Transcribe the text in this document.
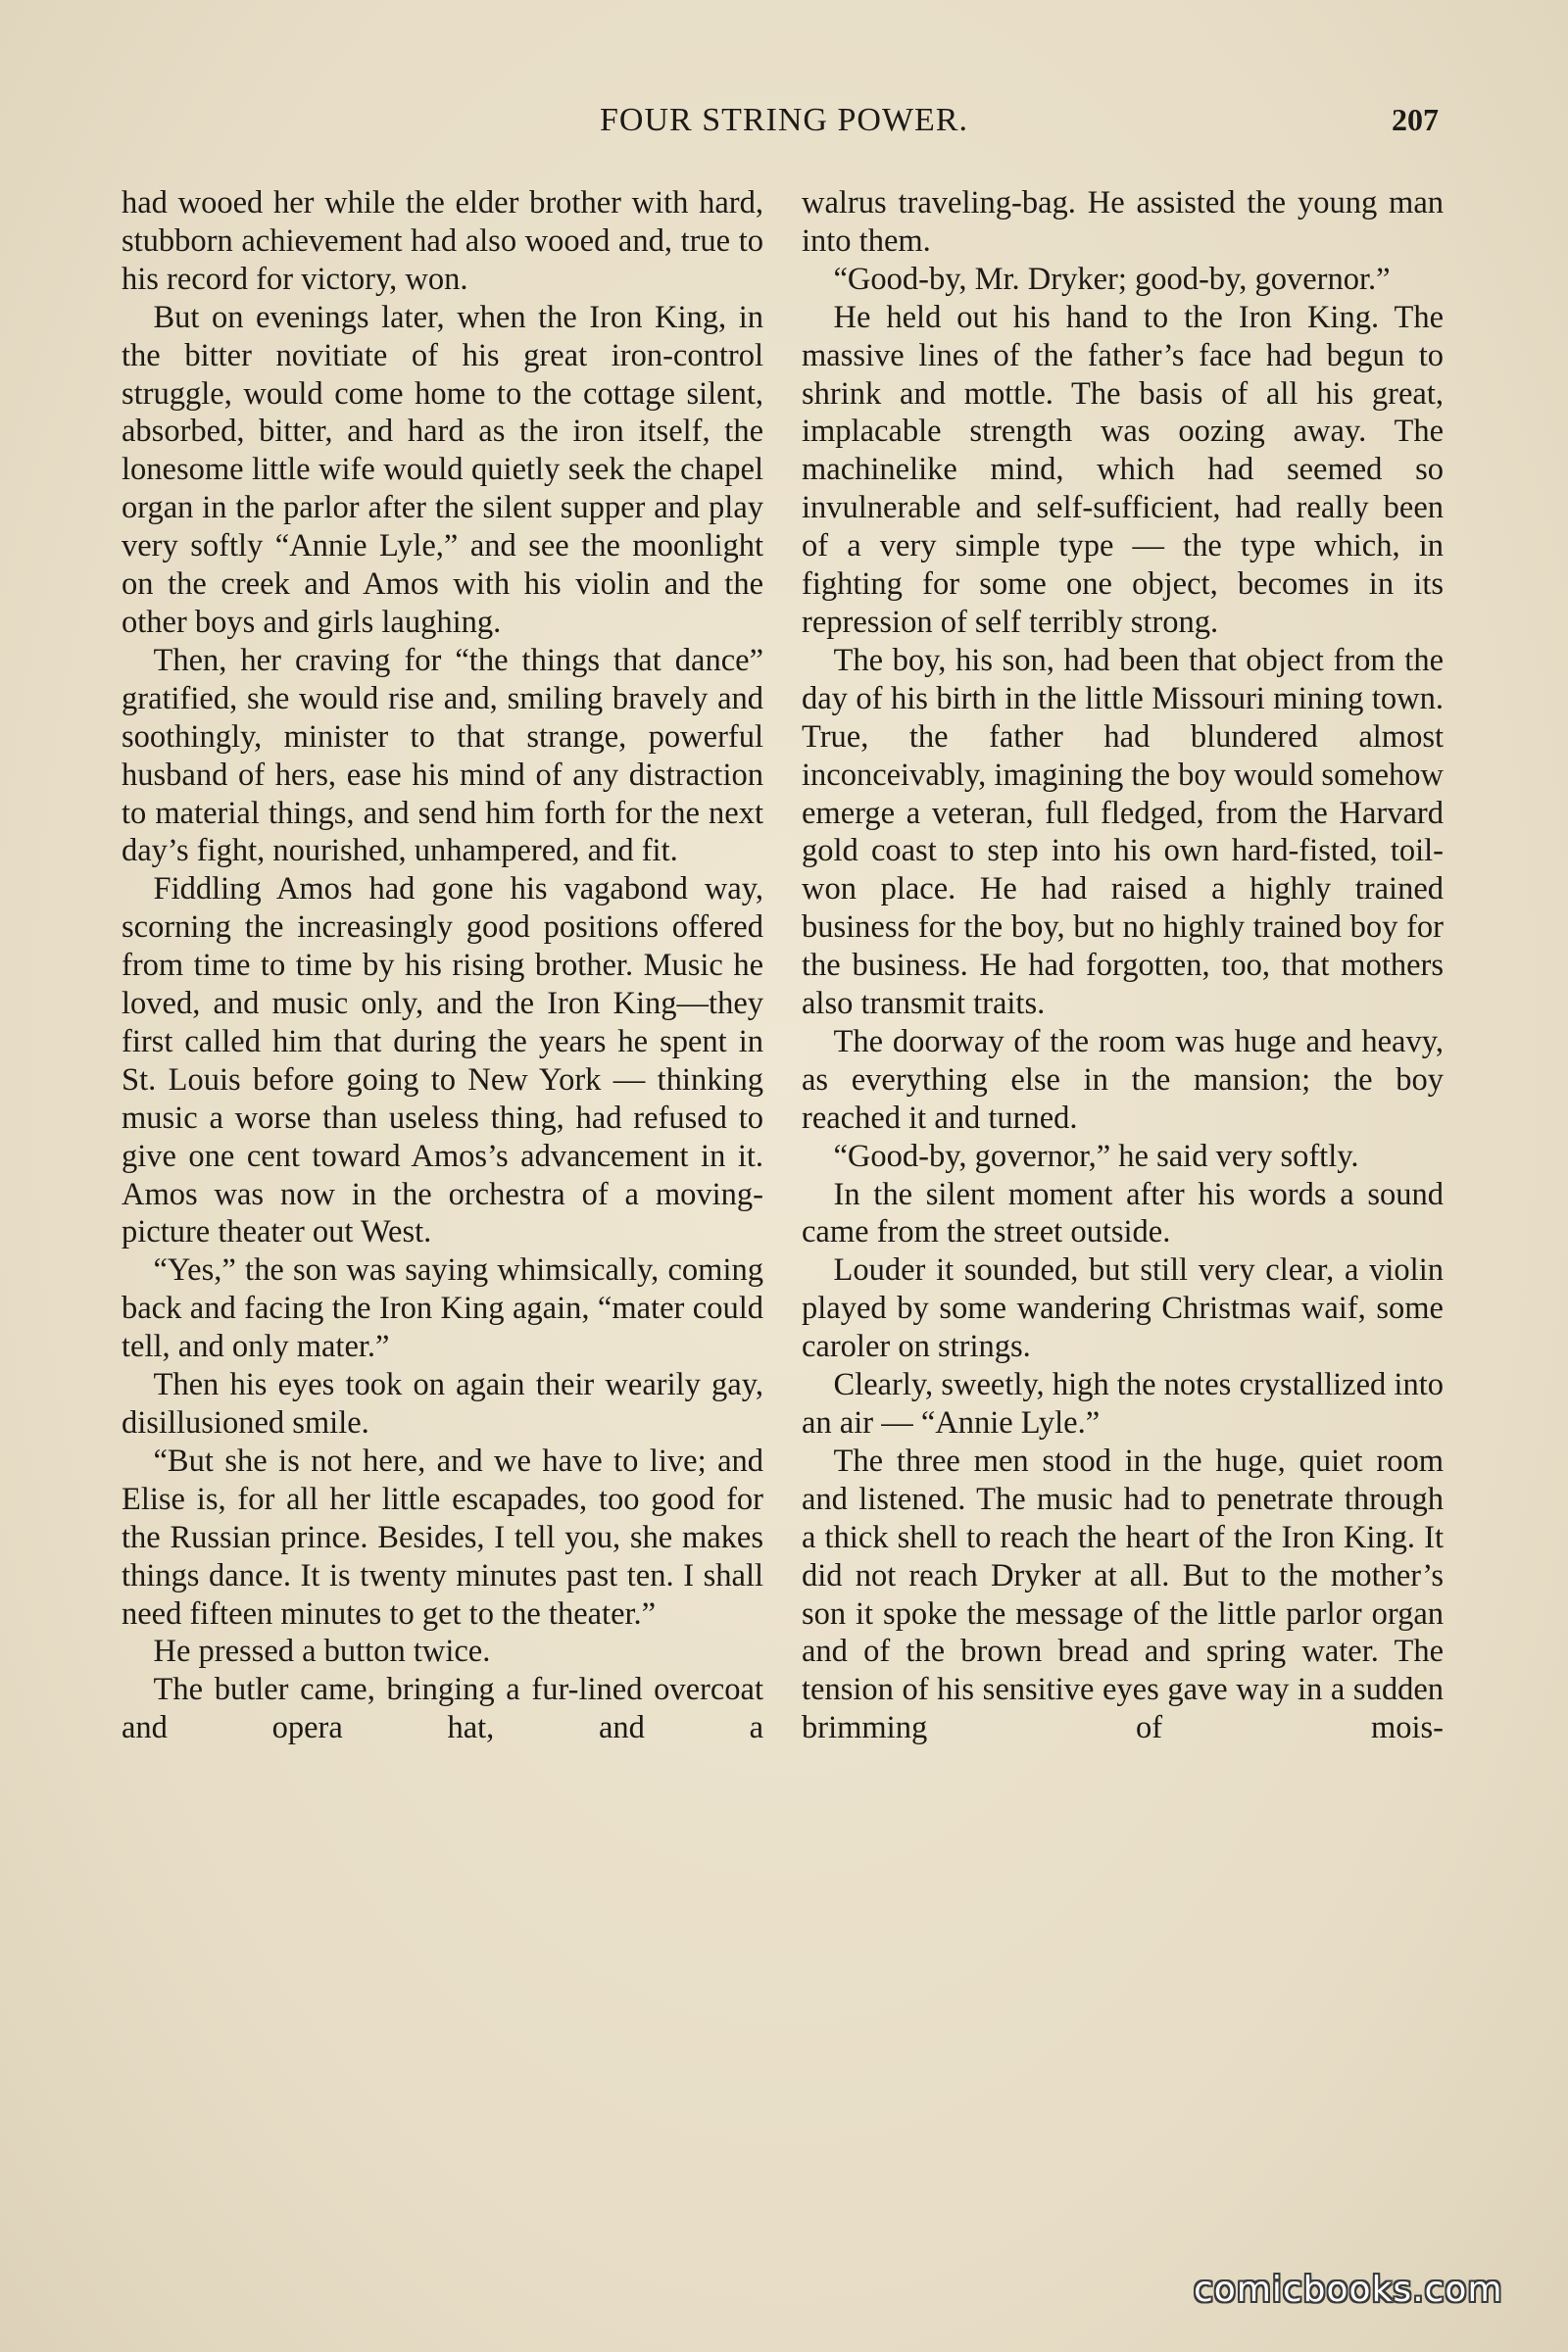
FOUR STRING POWER.	207

had wooed her while the elder brother with hard, stubborn achievement had also wooed and, true to his record for victory, won.

But on evenings later, when the Iron King, in the bitter novitiate of his great iron-control struggle, would come home to the cottage silent, absorbed, bitter, and hard as the iron itself, the lonesome little wife would quietly seek the chapel organ in the parlor after the silent supper and play very softly “Annie Lyle,” and see the moonlight on the creek and Amos with his violin and the other boys and girls laughing.

Then, her craving for “the things that dance” gratified, she would rise and, smiling bravely and soothingly, minister to that strange, powerful husband of hers, ease his mind of any distraction to material things, and send him forth for the next day’s fight, nourished, unhampered, and fit.

Fiddling Amos had gone his vagabond way, scorning the increasingly good positions offered from time to time by his rising brother. Music he loved, and music only, and the Iron King—they first called him that during the years he spent in St. Louis before going to New York — thinking music a worse than useless thing, had refused to give one cent toward Amos’s advancement in it. Amos was now in the orchestra of a moving-picture theater out West.

“Yes,” the son was saying whimsically, coming back and facing the Iron King again, “mater could tell, and only mater.”

Then his eyes took on again their wearily gay, disillusioned smile.

“But she is not here, and we have to live; and Elise is, for all her little escapades, too good for the Russian prince. Besides, I tell you, she makes things dance. It is twenty minutes past ten. I shall need fifteen minutes to get to the theater.”

He pressed a button twice.

The butler came, bringing a fur-lined overcoat and opera hat, and a

walrus traveling-bag. He assisted the young man into them.

“Good-by, Mr. Dryker; good-by, governor.”

He held out his hand to the Iron King. The massive lines of the father’s face had begun to shrink and mottle. The basis of all his great, implacable strength was oozing away. The machinelike mind, which had seemed so invulnerable and self-sufficient, had really been of a very simple type — the type which, in fighting for some one object, becomes in its repression of self terribly strong.

The boy, his son, had been that object from the day of his birth in the little Missouri mining town. True, the father had blundered almost inconceivably, imagining the boy would somehow emerge a veteran, full fledged, from the Harvard gold coast to step into his own hard-fisted, toil-won place. He had raised a highly trained business for the boy, but no highly trained boy for the business. He had forgotten, too, that mothers also transmit traits.

The doorway of the room was huge and heavy, as everything else in the mansion; the boy reached it and turned.

“Good-by, governor,” he said very softly.

In the silent moment after his words a sound came from the street outside.

Louder it sounded, but still very clear, a violin played by some wandering Christmas waif, some caroler on strings.

Clearly, sweetly, high the notes crystallized into an air — “Annie Lyle.”

The three men stood in the huge, quiet room and listened. The music had to penetrate through a thick shell to reach the heart of the Iron King. It did not reach Dryker at all. But to the mother’s son it spoke the message of the little parlor organ and of the brown bread and spring water. The tension of his sensitive eyes gave way in a sudden brimming of mois-

comicbooks.com
